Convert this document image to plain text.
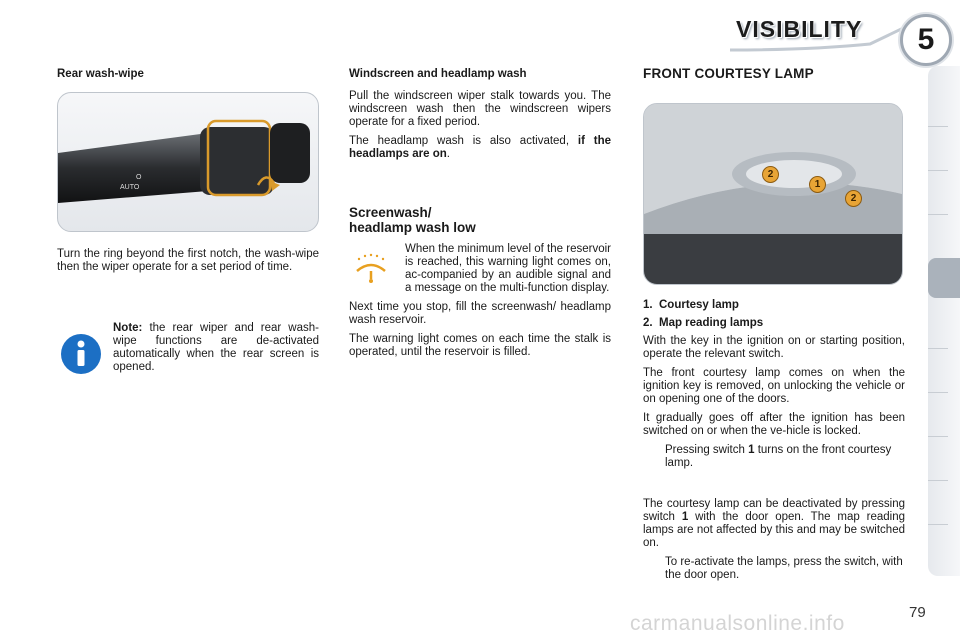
VISIBILITY	5
Rear wash-wipe
AUTO
O

Turn the ring beyond the first notch, the wash-wipe then the wiper operate for a set period of time.

Note: the rear wiper and rear wash-wipe functions are de-activated automatically when the rear screen is opened.

Windscreen and headlamp wash

Pull the windscreen wiper stalk towards you. The windscreen wash then the windscreen wipers operate for a fixed period.

The headlamp wash is also activated, if the headlamps are on.

Screenwash/
headlamp wash low

When the minimum level of the reservoir is reached, this warning light comes on, ac-companied by an audible signal and a message on the multi-function display.

Next time you stop, fill the screenwash/ headlamp wash reservoir.

The warning light comes on each time the stalk is operated, until the reservoir is filled.

FRONT COURTESY LAMP
2
1
2
1. Courtesy lamp
2. Map reading lamps

With the key in the ignition on or starting position, operate the relevant switch.

The front courtesy lamp comes on when the ignition key is removed, on unlocking the vehicle or on opening one of the doors.

It gradually goes off after the ignition has been switched on or when the ve-hicle is locked.

Pressing switch 1 turns on the front courtesy lamp.

The courtesy lamp can be deactivated by pressing switch 1 with the door open. The map reading lamps are not affected by this and may be switched on.

To re-activate the lamps, press the switch, with the door open.
carmanualsonline.info	79
